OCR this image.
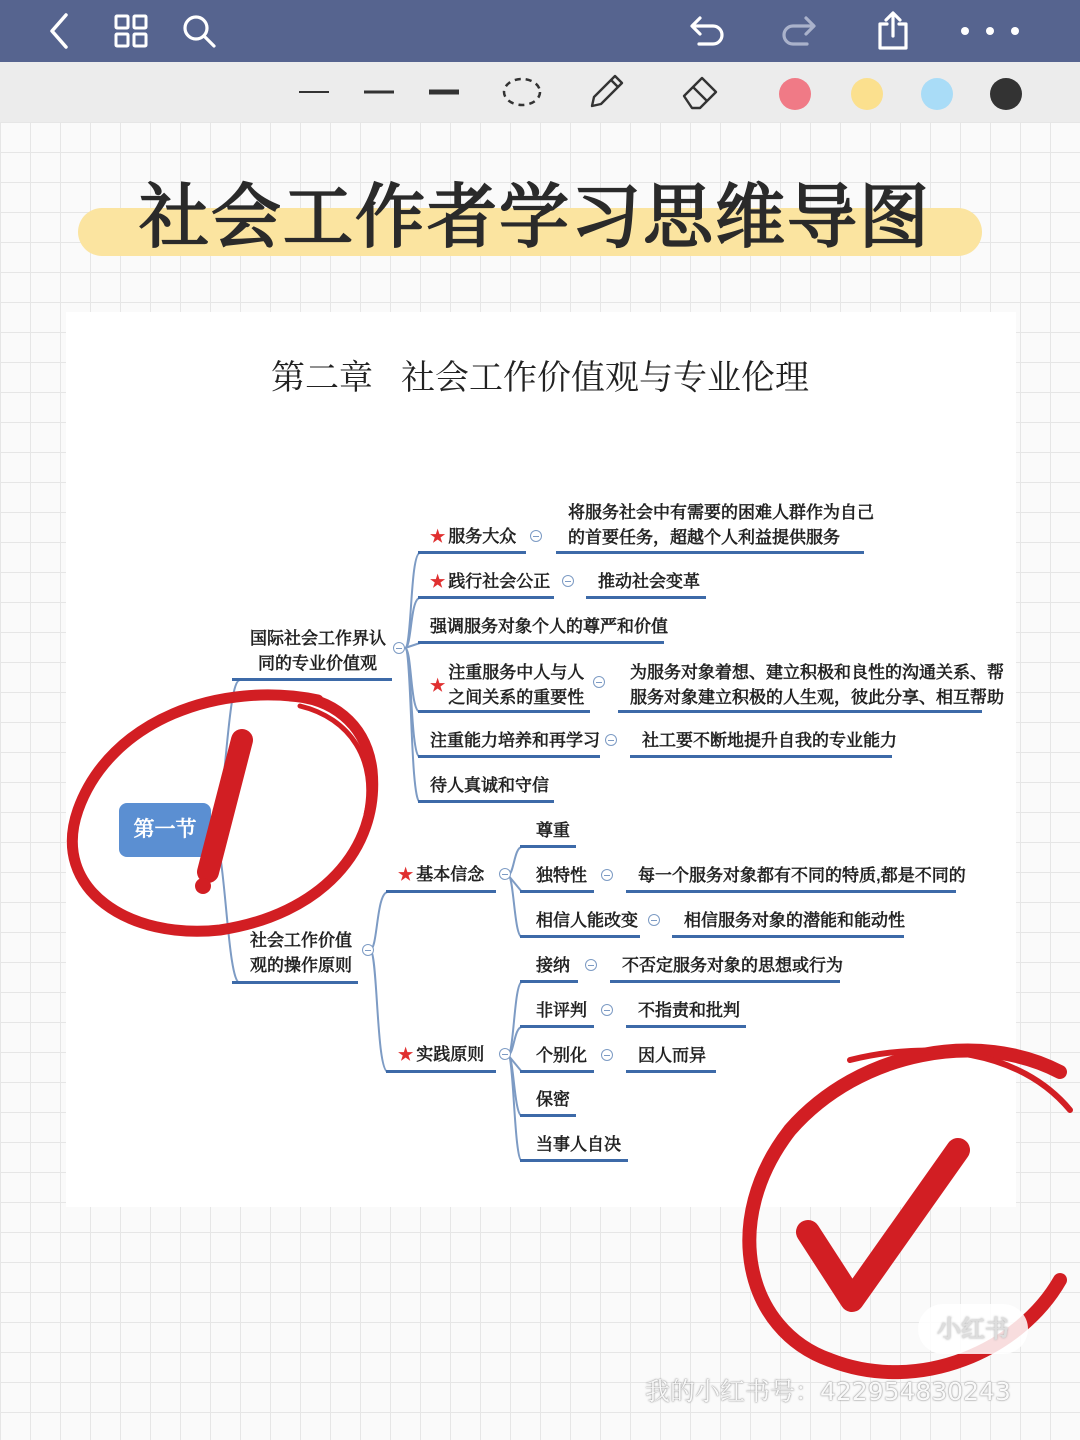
社会工作者学习思维导图
第二章 社会工作价值观与专业伦理
第一节
国际社会工作界认
同的专业价值观
★ 服务大众
将服务社会中有需要的困难人群作为自己
的首要任务，超越个人利益提供服务
★ 践行社会公正	推动社会变革
强调服务对象个人的尊严和价值
★
注重服务中人与人
之间关系的重要性
为服务对象着想、建立积极和良性的沟通关系、帮
服务对象建立积极的人生观，彼此分享、相互帮助
注重能力培养和再学习 社工要不断地提升自我的专业能力
待人真诚和守信
社会工作价值
观的操作原则
★ 基本信念
尊重
独特性	每一个服务对象都有不同的特质,都是不同的
相信人能改变	相信服务对象的潜能和能动性
★ 实践原则
接纳	不否定服务对象的思想或行为
非评判	不指责和批判
个别化	因人而异
保密
当事人自决
小红书
我的小红书号：422954830243
